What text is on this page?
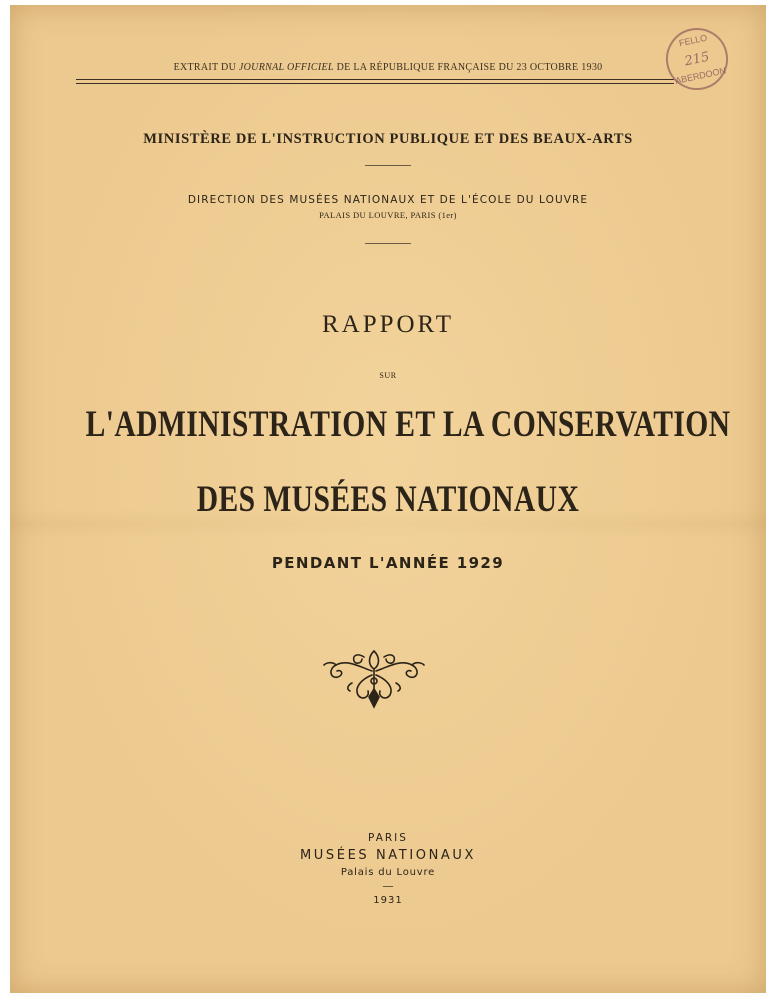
EXTRAIT DU JOURNAL OFFICIEL DE LA RÉPUBLIQUE FRANÇAISE DU 23 OCTOBRE 1930
FELLO
215
ABERDOON
MINISTÈRE DE L'INSTRUCTION PUBLIQUE ET DES BEAUX-ARTS
DIRECTION DES MUSÉES NATIONAUX ET DE L'ÉCOLE DU LOUVRE
PALAIS DU LOUVRE, PARIS (1er)
RAPPORT
SUR
L'ADMINISTRATION ET LA CONSERVATION
DES MUSÉES NATIONAUX
PENDANT L'ANNÉE 1929
PARIS
MUSÉES NATIONAUX
Palais du Louvre
1931
